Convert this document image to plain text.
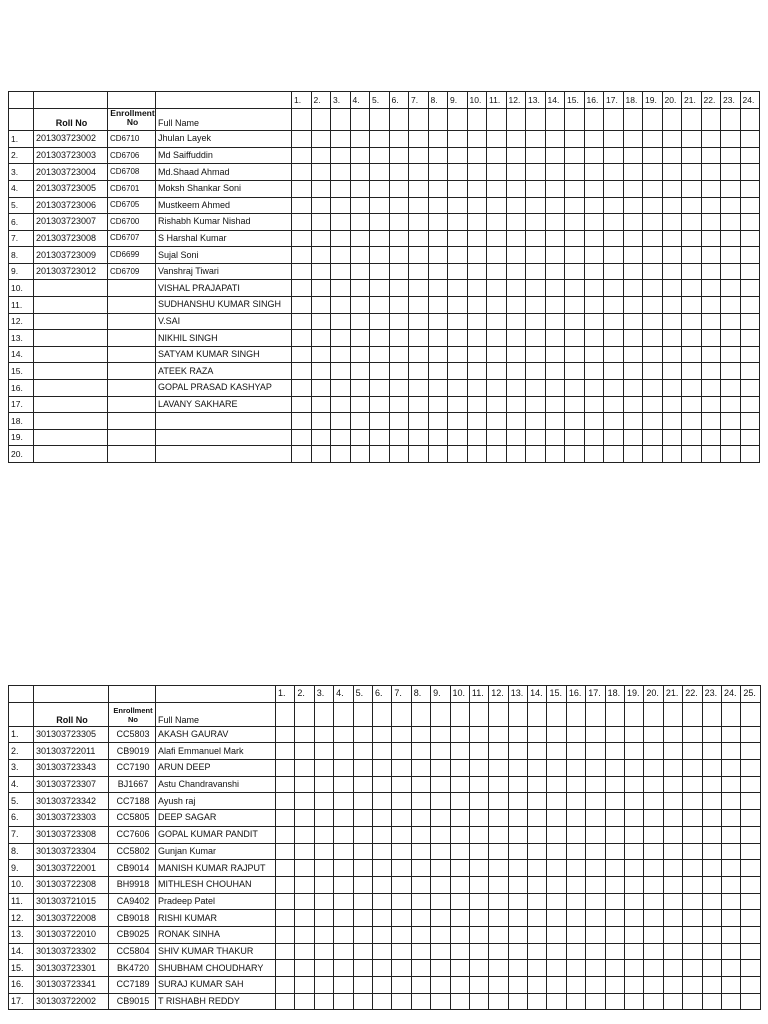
				1.	2.	3.	4.	5.	6.	7.	8.	9.	10.	11.	12.	13.	14.	15.	16.	17.	18.	19.	20.	21.	22.	23.	24.
	Roll No	Enrollment No	Full Name																								
1.	201303723002	CD6710	Jhulan Layek																								
2.	201303723003	CD6706	Md Saiffuddin																								
3.	201303723004	CD6708	Md.Shaad Ahmad																								
4.	201303723005	CD6701	Moksh Shankar Soni																								
5.	201303723006	CD6705	Mustkeem Ahmed																								
6.	201303723007	CD6700	Rishabh Kumar Nishad																								
7.	201303723008	CD6707	S Harshal Kumar																								
8.	201303723009	CD6699	Sujal Soni																								
9.	201303723012	CD6709	Vanshraj Tiwari																								
10.			VISHAL PRAJAPATI																								
11.			SUDHANSHU KUMAR SINGH																								
12.			V.SAI																								
13.			NIKHIL SINGH																								
14.			SATYAM KUMAR SINGH																								
15.			ATEEK RAZA																								
16.			GOPAL PRASAD KASHYAP																								
17.			LAVANY SAKHARE																								
18.																											
19.																											
20.																											
				1.	2.	3.	4.	5.	6.	7.	8.	9.	10.	11.	12.	13.	14.	15.	16.	17.	18.	19.	20.	21.	22.	23.	24.	25.
	Roll No	Enrollment No	Full Name																									
1.	301303723305	CC5803	AKASH GAURAV																									
2.	301303722011	CB9019	Alafi Emmanuel Mark																									
3.	301303723343	CC7190	ARUN DEEP																									
4.	301303723307	BJ1667	Astu Chandravanshi																									
5.	301303723342	CC7188	Ayush raj																									
6.	301303723303	CC5805	DEEP SAGAR																									
7.	301303723308	CC7606	GOPAL KUMAR PANDIT																									
8.	301303723304	CC5802	Gunjan Kumar																									
9.	301303722001	CB9014	MANISH KUMAR RAJPUT																									
10.	301303722308	BH9918	MITHLESH CHOUHAN																									
11.	301303721015	CA9402	Pradeep Patel																									
12.	301303722008	CB9018	RISHI KUMAR																									
13.	301303722010	CB9025	RONAK SINHA																									
14.	301303723302	CC5804	SHIV KUMAR THAKUR																									
15.	301303723301	BK4720	SHUBHAM CHOUDHARY																									
16.	301303723341	CC7189	SURAJ KUMAR SAH																									
17.	301303722002	CB9015	T RISHABH REDDY																									
